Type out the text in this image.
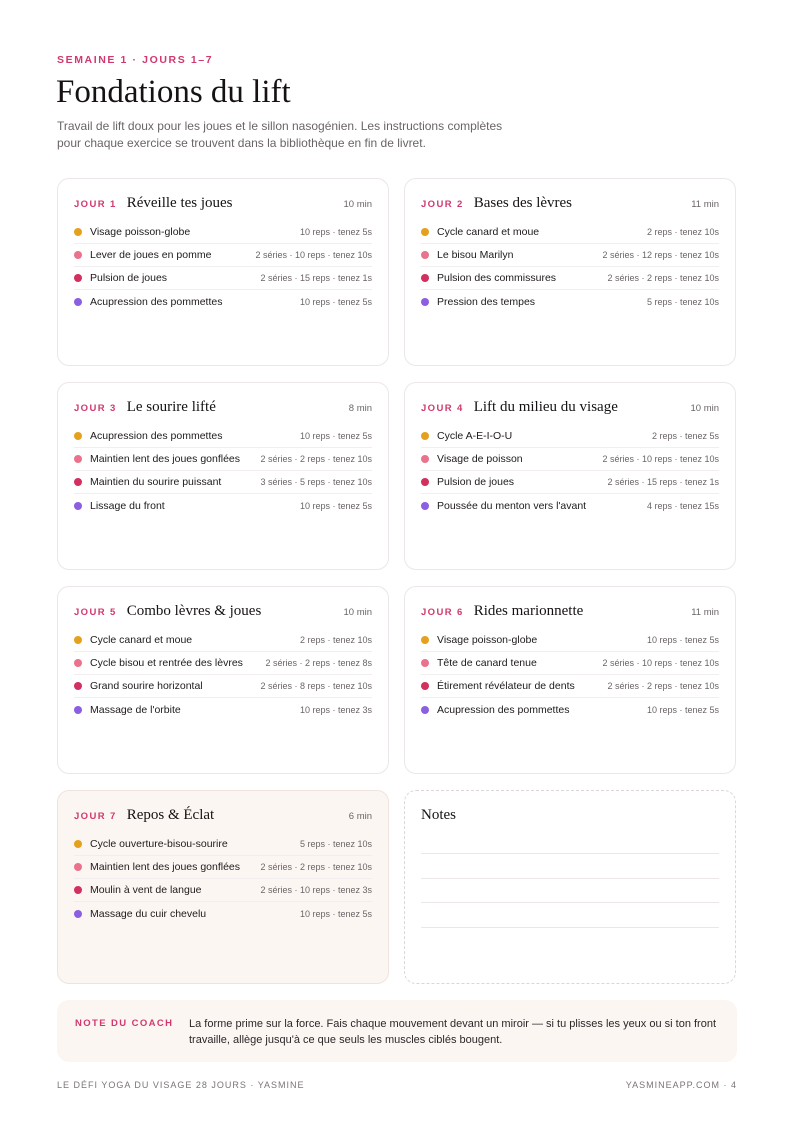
SEMAINE 1 · JOURS 1–7
Fondations du lift

Travail de lift doux pour les joues et le sillon nasogénien. Les instructions complètes pour chaque exercice se trouvent dans la bibliothèque en fin de livret.

JOUR 1 Réveille tes joues	10 min
Visage poisson-globe	10 reps · tenez 5s
Lever de joues en pomme	2 séries · 10 reps · tenez 10s
Pulsion de joues	2 séries · 15 reps · tenez 1s
Acupression des pommettes	10 reps · tenez 5s
JOUR 2 Bases des lèvres	11 min
Cycle canard et moue	2 reps · tenez 10s
Le bisou Marilyn	2 séries · 12 reps · tenez 10s
Pulsion des commissures	2 séries · 2 reps · tenez 10s
Pression des tempes	5 reps · tenez 10s
JOUR 3 Le sourire lifté	8 min
Acupression des pommettes	10 reps · tenez 5s
Maintien lent des joues gonflées	2 séries · 2 reps · tenez 10s
Maintien du sourire puissant	3 séries · 5 reps · tenez 10s
Lissage du front	10 reps · tenez 5s
JOUR 4 Lift du milieu du visage	10 min
Cycle A-E-I-O-U	2 reps · tenez 5s
Visage de poisson	2 séries · 10 reps · tenez 10s
Pulsion de joues	2 séries · 15 reps · tenez 1s
Poussée du menton vers l'avant	4 reps · tenez 15s
JOUR 5 Combo lèvres & joues	10 min
Cycle canard et moue	2 reps · tenez 10s
Cycle bisou et rentrée des lèvres	2 séries · 2 reps · tenez 8s
Grand sourire horizontal	2 séries · 8 reps · tenez 10s
Massage de l'orbite	10 reps · tenez 3s
JOUR 6 Rides marionnette	11 min
Visage poisson-globe	10 reps · tenez 5s
Tête de canard tenue	2 séries · 10 reps · tenez 10s
Étirement révélateur de dents	2 séries · 2 reps · tenez 10s
Acupression des pommettes	10 reps · tenez 5s
JOUR 7 Repos & Éclat	6 min
Cycle ouverture-bisou-sourire	5 reps · tenez 10s
Maintien lent des joues gonflées	2 séries · 2 reps · tenez 10s
Moulin à vent de langue	2 séries · 10 reps · tenez 3s
Massage du cuir chevelu	10 reps · tenez 5s
Notes
NOTE DU COACH	La forme prime sur la force. Fais chaque mouvement devant un miroir — si tu plisses les yeux ou si ton front travaille, allège jusqu'à ce que seuls les muscles ciblés bougent.
LE DÉFI YOGA DU VISAGE 28 JOURS · YASMINE	YASMINEAPP.COM · 4
